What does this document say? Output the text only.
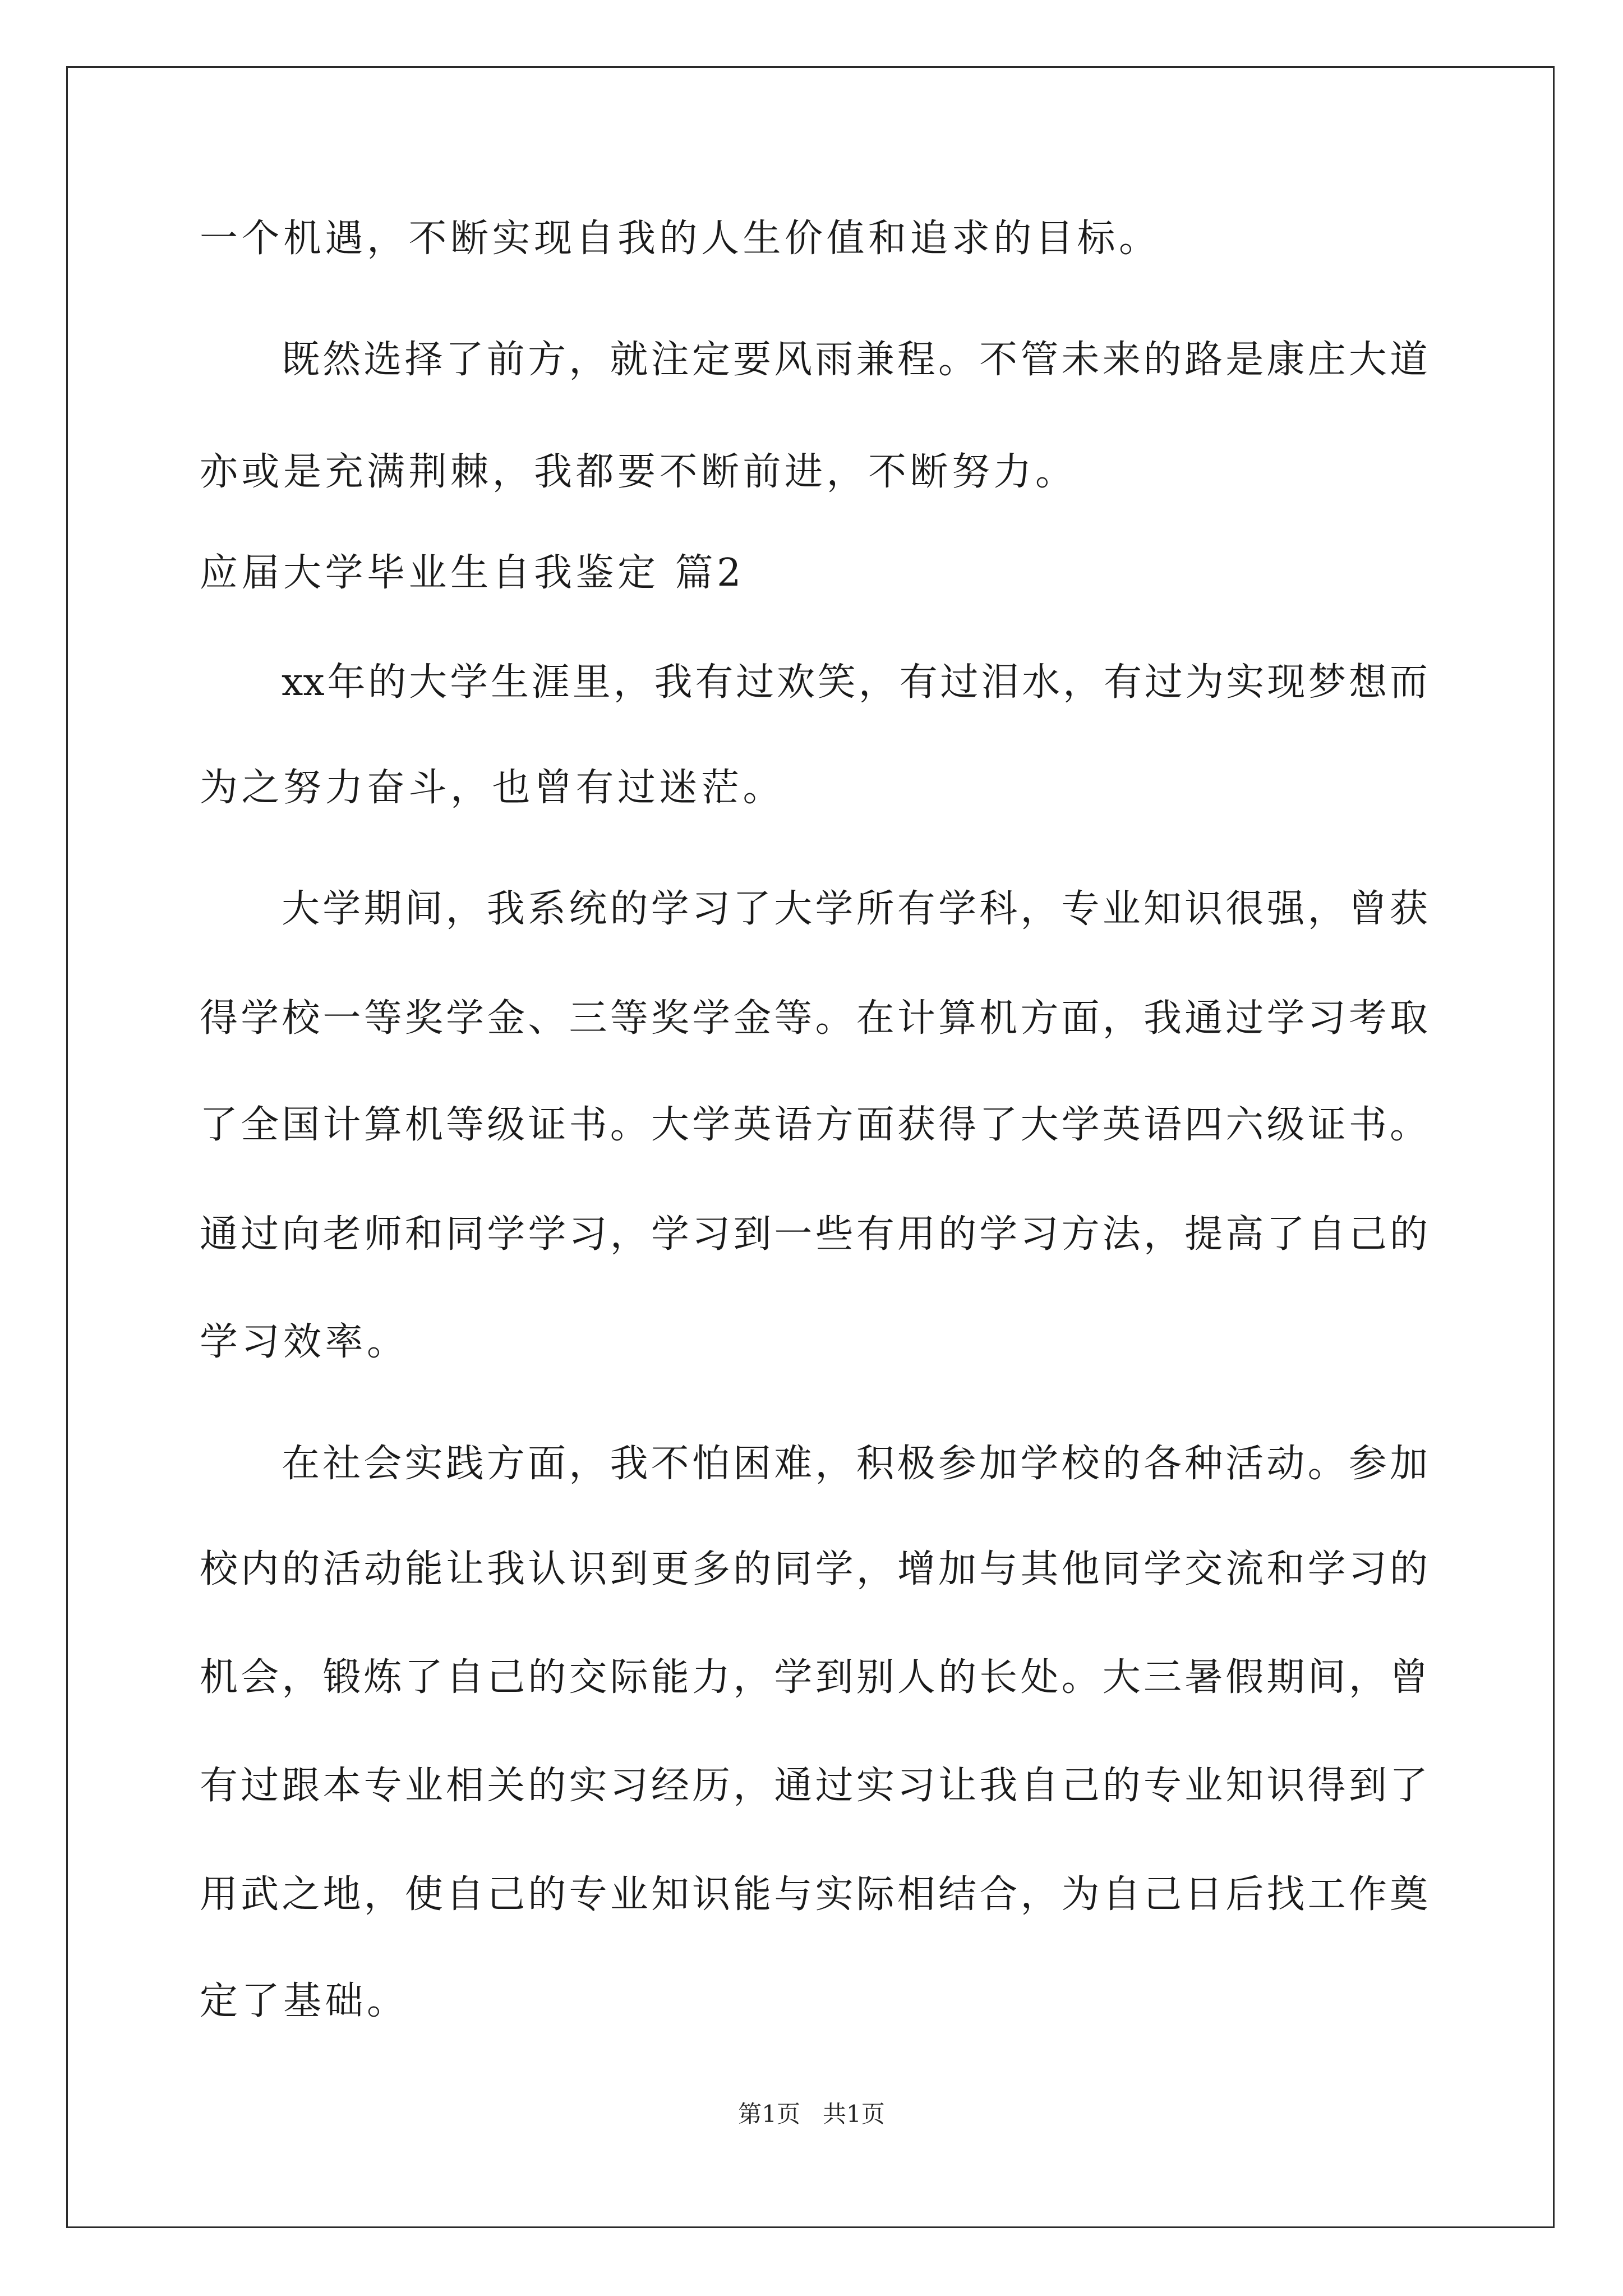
一个机遇，不断实现自我的人生价值和追求的目标。
既然选择了前方，就注定要风雨兼程。不管未来的路是康庄大道
亦或是充满荆棘，我都要不断前进，不断努力。
应届大学毕业生自我鉴定 篇2
xx年的大学生涯里，我有过欢笑，有过泪水，有过为实现梦想而
为之努力奋斗，也曾有过迷茫。
大学期间，我系统的学习了大学所有学科，专业知识很强，曾获
得学校一等奖学金、三等奖学金等。在计算机方面，我通过学习考取
了全国计算机等级证书。大学英语方面获得了大学英语四六级证书。
通过向老师和同学学习，学习到一些有用的学习方法，提高了自己的
学习效率。
在社会实践方面，我不怕困难，积极参加学校的各种活动。参加
校内的活动能让我认识到更多的同学，增加与其他同学交流和学习的
机会，锻炼了自己的交际能力，学到别人的长处。大三暑假期间，曾
有过跟本专业相关的实习经历，通过实习让我自己的专业知识得到了
用武之地，使自己的专业知识能与实际相结合，为自己日后找工作奠
定了基础。
第1页   共1页
